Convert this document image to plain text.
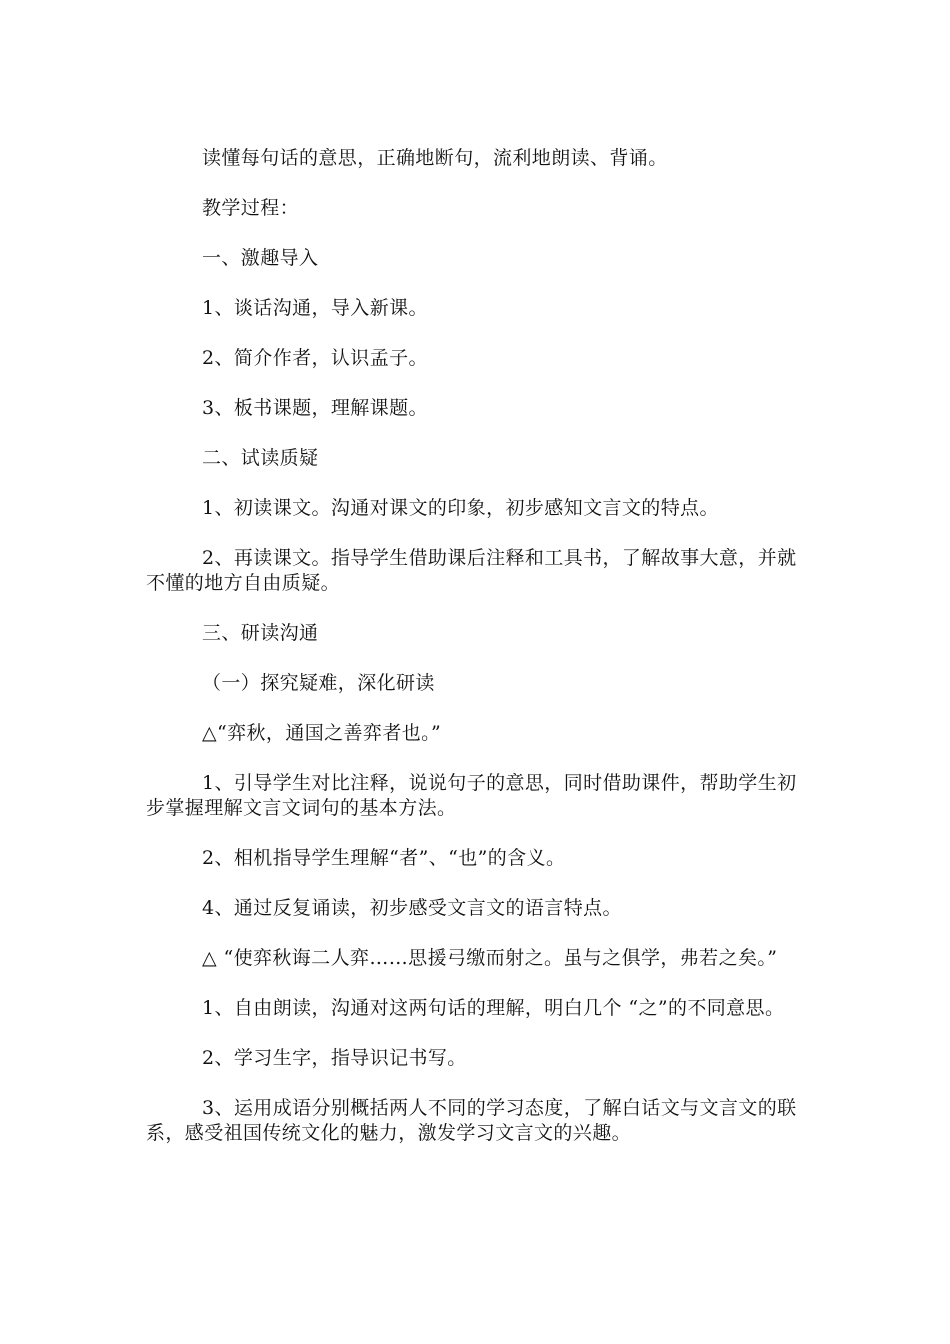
读懂每句话的意思，正确地断句，流利地朗读、背诵。

教学过程：

一、激趣导入

1、谈话沟通，导入新课。

2、简介作者，认识孟子。

3、板书课题，理解课题。

二、试读质疑

1、初读课文。沟通对课文的印象，初步感知文言文的特点。

2、再读课文。指导学生借助课后注释和工具书，了解故事大意，并就不懂的地方自由质疑。

三、研读沟通

（一）探究疑难，深化研读

△“弈秋，通国之善弈者也。”

1、引导学生对比注释，说说句子的意思，同时借助课件，帮助学生初步掌握理解文言文词句的基本方法。

2、相机指导学生理解“者”、“也”的含义。

4、通过反复诵读，初步感受文言文的语言特点。

△ “使弈秋诲二人弈……思援弓缴而射之。虽与之俱学，弗若之矣。”

1、自由朗读，沟通对这两句话的理解，明白几个 “之”的不同意思。

2、学习生字，指导识记书写。

3、运用成语分别概括两人不同的学习态度，了解白话文与文言文的联系，感受祖国传统文化的魅力，激发学习文言文的兴趣。
